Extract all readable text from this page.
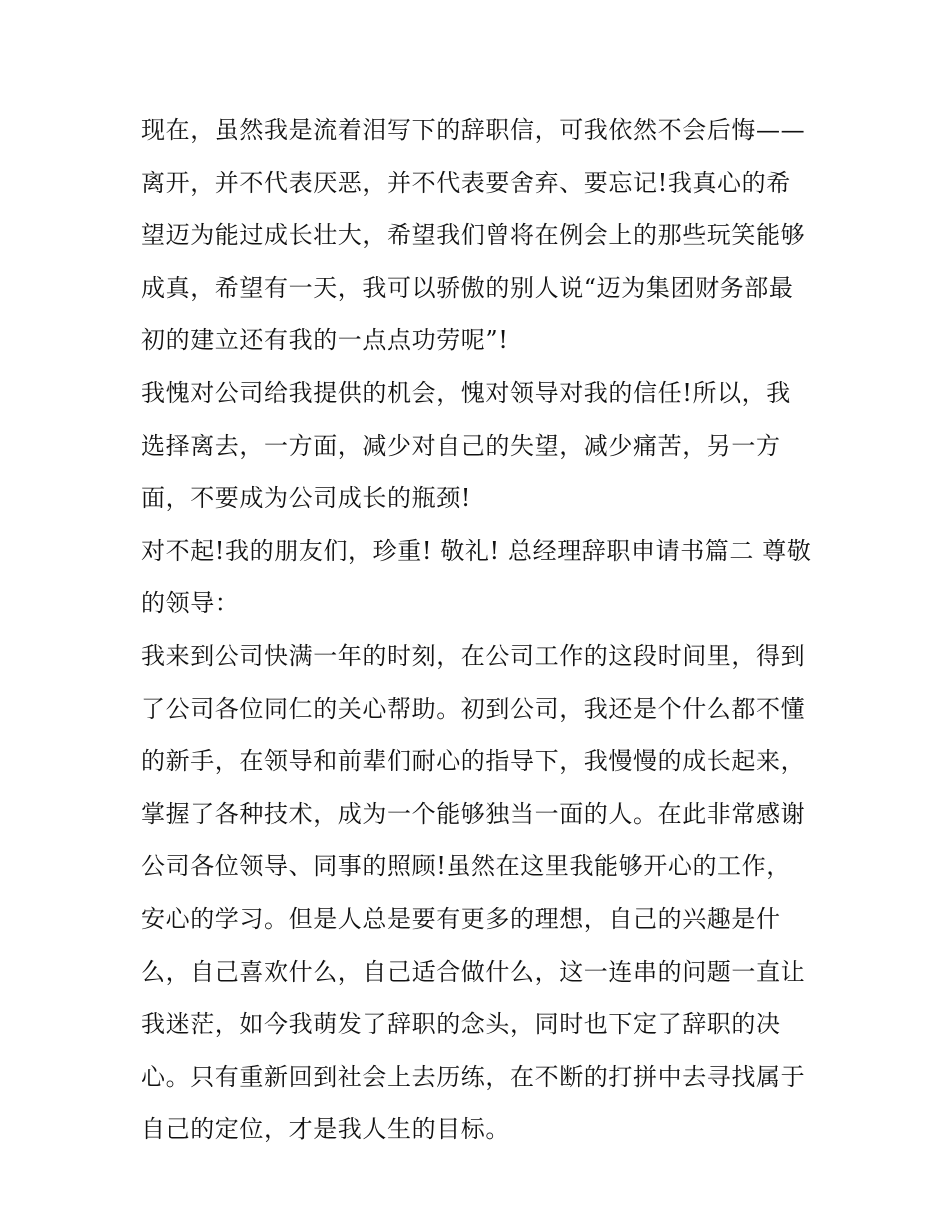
现在，虽然我是流着泪写下的辞职信，可我依然不会后悔——
离开，并不代表厌恶，并不代表要舍弃、要忘记!我真心的希
望迈为能过成长壮大，希望我们曾将在例会上的那些玩笑能够
成真，希望有一天，我可以骄傲的别人说“迈为集团财务部最
初的建立还有我的一点点功劳呢”!
我愧对公司给我提供的机会，愧对领导对我的信任!所以，我
选择离去，一方面，减少对自己的失望，减少痛苦，另一方
面，不要成为公司成长的瓶颈!
对不起!我的朋友们，珍重! 敬礼! 总经理辞职申请书篇二 尊敬
的领导：
我来到公司快满一年的时刻，在公司工作的这段时间里，得到
了公司各位同仁的关心帮助。初到公司，我还是个什么都不懂
的新手，在领导和前辈们耐心的指导下，我慢慢的成长起来，
掌握了各种技术，成为一个能够独当一面的人。在此非常感谢
公司各位领导、同事的照顾!虽然在这里我能够开心的工作，
安心的学习。但是人总是要有更多的理想，自己的兴趣是什
么，自己喜欢什么，自己适合做什么，这一连串的问题一直让
我迷茫，如今我萌发了辞职的念头，同时也下定了辞职的决
心。只有重新回到社会上去历练，在不断的打拼中去寻找属于
自己的定位，才是我人生的目标。
